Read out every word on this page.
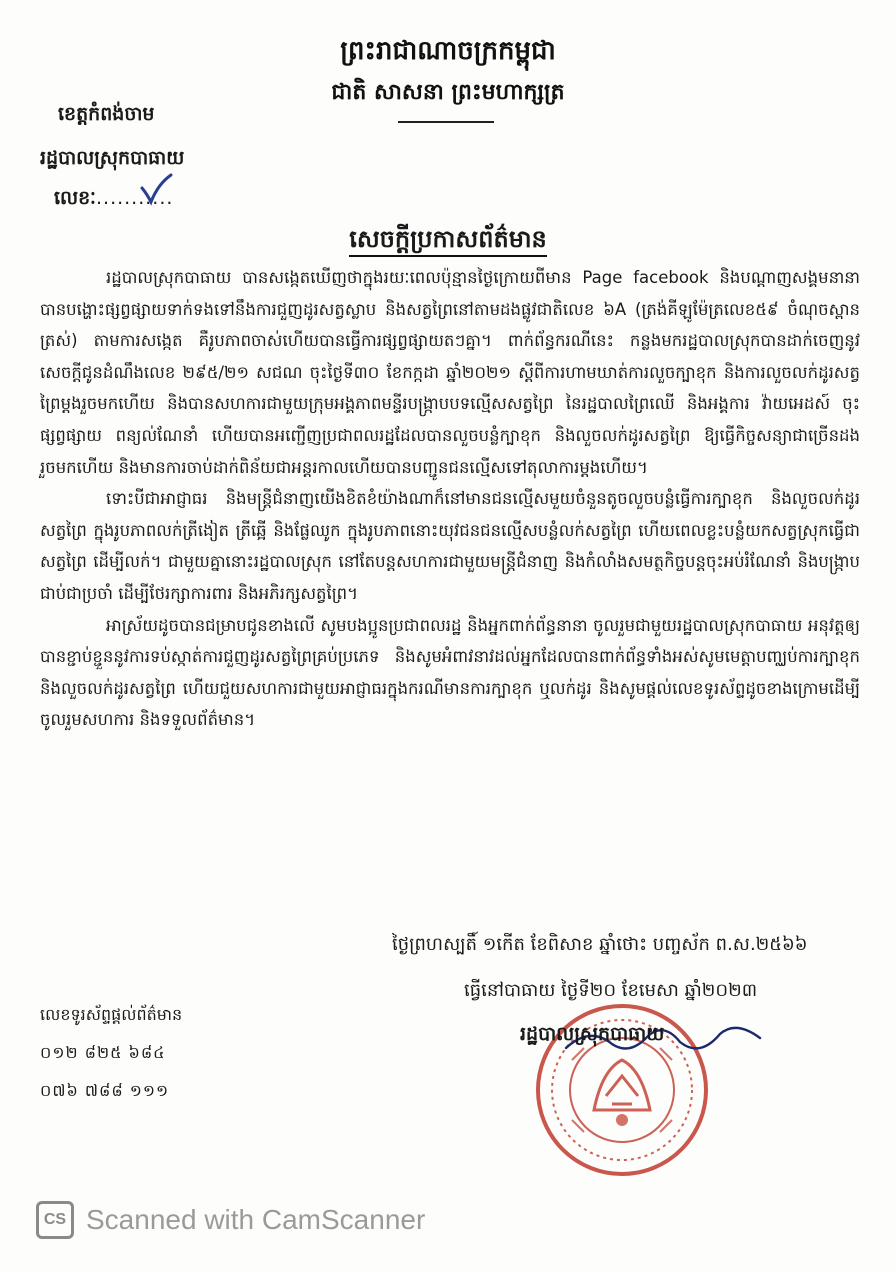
ព្រះរាជាណាចក្រកម្ពុជា
ជាតិ សាសនា ព្រះមហាក្សត្រ
ខេត្តកំពង់ចាម
រដ្ឋបាលស្រុកបាធាយ
លេខៈ...........
សេចក្ដីប្រកាសព័ត៌មាន

រដ្ឋបាលស្រុកបាធាយ បានសង្កេតឃើញថាក្នុងរយៈពេលប៉ុន្មានថ្ងៃក្រោយពីមាន Page facebook និងបណ្ដាញសង្គមនានា បានបង្ហោះផ្សព្វផ្សាយទាក់ទងទៅនឹងការជួញដូរសត្វស្លាប និងសត្វព្រៃនៅតាមដងផ្លូវជាតិលេខ ៦A (ត្រង់គីឡូម៉ែត្រលេខ៥៩ ចំណុចស្ពានត្រស់) តាមការសង្កេត គឺរូបភាពចាស់ហើយបានធ្វើការផ្សព្វផ្សាយតៗគ្នា។ ពាក់ព័ន្ធករណីនេះ កន្លងមករដ្ឋបាលស្រុកបានដាក់ចេញនូវសេចក្ដីជូនដំណឹងលេខ ២៩៥/២១ សជណ ចុះថ្ងៃទី៣០ ខែកក្កដា ឆ្នាំ២០២១ ស្ដីពីការហាមឃាត់ការលួចក្បាខុក និងការលួចលក់ដូរសត្វព្រៃម្ដងរួចមកហើយ និងបានសហការជាមួយក្រុមអង្គភាពមន្ទីរបង្ក្រាបបទល្មើសសត្វព្រៃ នៃរដ្ឋបាលព្រៃឈើ និងអង្គការ វ៉ាយអេដស៍ ចុះផ្សព្វផ្សាយ ពន្យល់ណែនាំ ហើយបានអញ្ជើញប្រជាពលរដ្ឋដែលបានលួចបន្លំក្បាខុក និងលួចលក់ដូរសត្វព្រៃ ឱ្យធ្វើកិច្ចសន្យាជាច្រើនដងរួចមកហើយ និងមានការចាប់ដាក់ពិន័យជាអន្តរកាលហើយបានបញ្ជូនជនល្មើសទៅតុលាការម្ដងហើយ។

ទោះបីជាអាជ្ញាធរ និងមន្ត្រីជំនាញយើងខិតខំយ៉ាងណាក៏នៅមានជនល្មើសមួយចំនួនតូចលួចបន្លំធ្វើការក្បាខុក និងលួចលក់ដូរសត្វព្រៃ ក្នុងរូបភាពលក់ត្រីងៀត ត្រីឆ្អើ និងផ្លែឈូក ក្នុងរូបភាពនោះយុវជនជនល្មើសបន្លំលក់សត្វព្រៃ ហើយពេលខ្លះបន្លំយកសត្វស្រុកធ្វើជាសត្វព្រៃ ដើម្បីលក់។ ជាមួយគ្នានោះរដ្ឋបាលស្រុក នៅតែបន្តសហការជាមួយមន្ត្រីជំនាញ និងកំលាំងសមត្ថកិច្ចបន្តចុះអប់រំណែនាំ និងបង្ក្រាបជាប់ជាប្រចាំ ដើម្បីថែរក្សាការពារ និងអភិរក្សសត្វព្រៃ។

អាស្រ័យដូចបានជម្រាបជូនខាងលើ សូមបងប្អូនប្រជាពលរដ្ឋ និងអ្នកពាក់ព័ន្ធនានា ចូលរួមជាមួយរដ្ឋបាលស្រុកបាធាយ អនុវត្តឲ្យបានខ្ជាប់ខ្ជួននូវការទប់ស្កាត់ការជួញដូរសត្វព្រៃគ្រប់ប្រភេទ និងសូមអំពាវនាវដល់អ្នកដែលបានពាក់ព័ន្ធទាំងអស់សូមមេត្តាបញ្ឈប់ការក្បាខុក និងលួចលក់ដូរសត្វព្រៃ ហើយជួយសហការជាមួយអាជ្ញាធរក្នុងករណីមានការក្បាខុក ឬលក់ដូរ និងសូមផ្ដល់លេខទូរស័ព្ទដូចខាងក្រោមដើម្បីចូលរួមសហការ និងទទួលព័ត៌មាន។

ថ្ងៃព្រហស្បតិ៍ ១កើត ខែពិសាខ ឆ្នាំថោះ បញ្ចស័ក ព.ស.២៥៦៦
ធ្វើនៅបាធាយ ថ្ងៃទី២០ ខែមេសា ឆ្នាំ២០២៣
លេខទូរស័ព្ទផ្ដល់ព័ត៌មាន
០១២ ៨២៥ ៦៨៤
០៧៦ ៧៨៨ ១១១
រដ្ឋបាលស្រុកបាធាយ
CS Scanned with CamScanner
